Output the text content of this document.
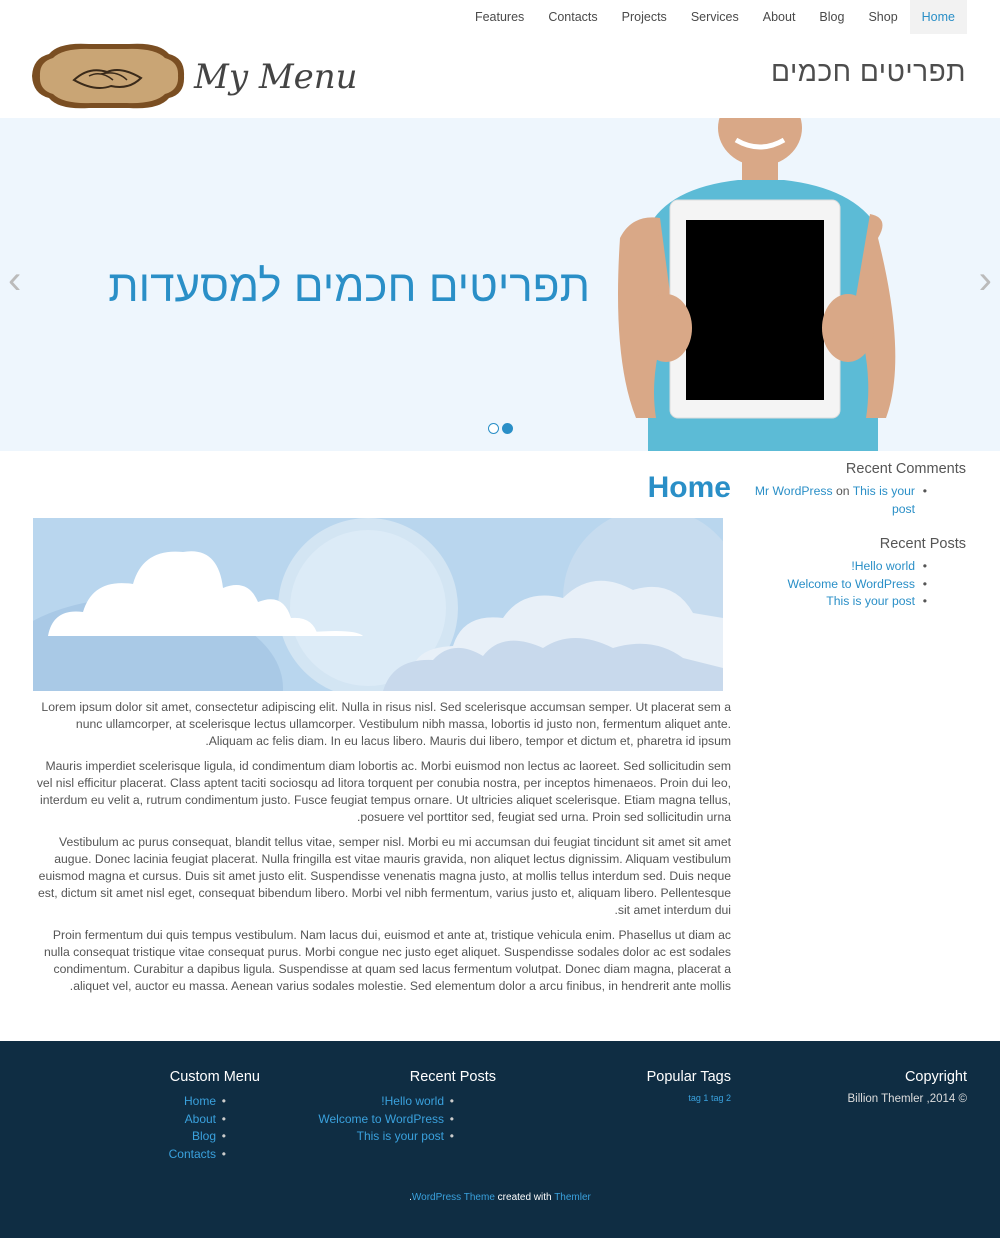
Features	Contacts	Projects	Services	About	Blog	Shop	Home
My Menu	תפריטים חכמים
‹	תפריטים חכמים למסעדות	›
Home

Lorem ipsum dolor sit amet, consectetur adipiscing elit. Nulla in risus nisl. Sed scelerisque accumsan semper. Ut placerat sem a nunc ullamcorper, at scelerisque lectus ullamcorper. Vestibulum nibh massa, lobortis id justo non, fermentum aliquet ante. Aliquam ac felis diam. In eu lacus libero. Mauris dui libero, tempor et dictum et, pharetra id ipsum.

Mauris imperdiet scelerisque ligula, id condimentum diam lobortis ac. Morbi euismod non lectus ac laoreet. Sed sollicitudin sem vel nisl efficitur placerat. Class aptent taciti sociosqu ad litora torquent per conubia nostra, per inceptos himenaeos. Proin dui leo, interdum eu velit a, rutrum condimentum justo. Fusce feugiat tempus ornare. Ut ultricies aliquet scelerisque. Etiam magna tellus, posuere vel porttitor sed, feugiat sed urna. Proin sed sollicitudin urna.

Vestibulum ac purus consequat, blandit tellus vitae, semper nisl. Morbi eu mi accumsan dui feugiat tincidunt sit amet sit amet augue. Donec lacinia feugiat placerat. Nulla fringilla est vitae mauris gravida, non aliquet lectus dignissim. Aliquam vestibulum euismod magna et cursus. Duis sit amet justo elit. Suspendisse venenatis magna justo, at mollis tellus interdum sed. Duis neque est, dictum sit amet nisl eget, consequat bibendum libero. Morbi vel nibh fermentum, varius justo et, aliquam libero. Pellentesque sit amet interdum dui.

Proin fermentum dui quis tempus vestibulum. Nam lacus dui, euismod et ante at, tristique vehicula enim. Phasellus ut diam ac nulla consequat tristique vitae consequat purus. Morbi congue nec justo eget aliquet. Suspendisse sodales dolor ac est sodales condimentum. Curabitur a dapibus ligula. Suspendisse at quam sed lacus fermentum volutpat. Donec diam magna, placerat a aliquet vel, auctor eu massa. Aenean varius sodales molestie. Sed elementum dolor a arcu finibus, in hendrerit ante mollis.

Recent Comments
• Mr WordPress on This is your post
Recent Posts
• Hello world!
• Welcome to WordPress
• This is your post
Copyright
© 2014, Billion Themler
Popular Tags
tag 1 tag 2
Recent Posts
• Hello world!
• Welcome to WordPress
• This is your post
Custom Menu
• Home
• About
• Blog
• Contacts
.WordPress Theme created with Themler
